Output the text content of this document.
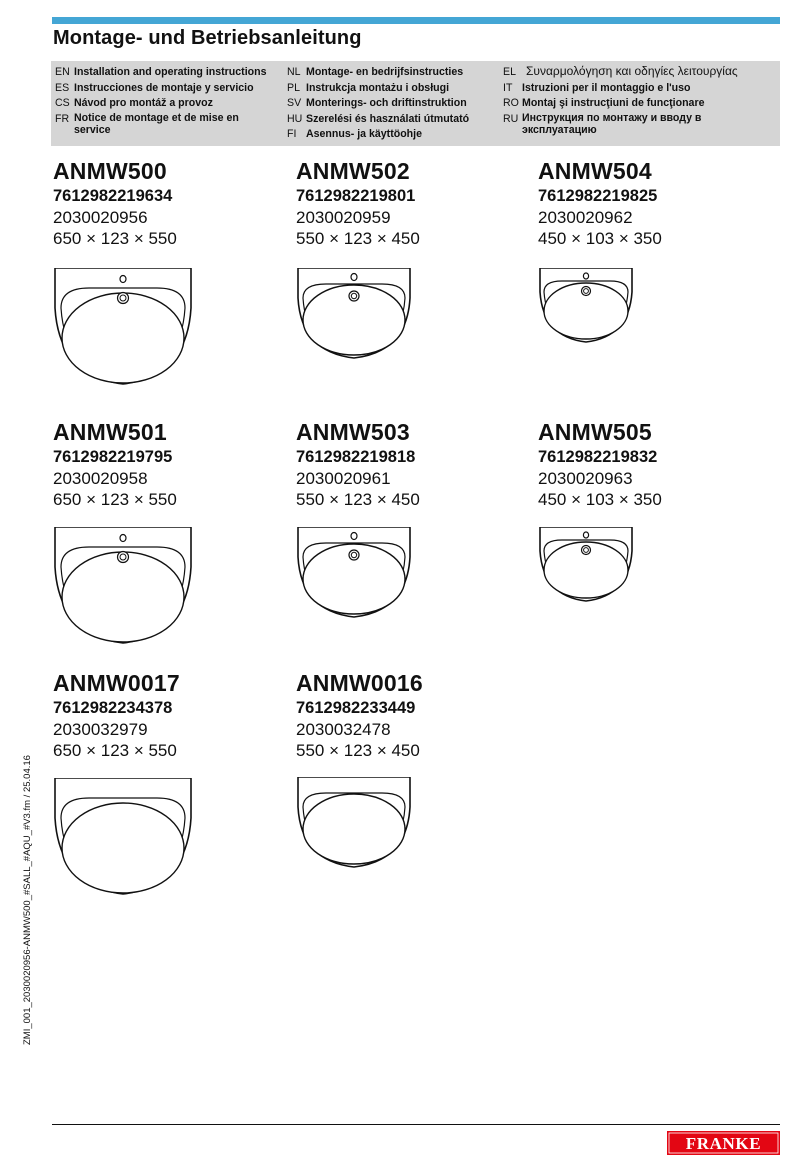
Montage- und Betriebsanleitung
EN Installation and operating instructions
ES Instrucciones de montaje y servicio
CS Návod pro montáž a provoz
FR Notice de montage et de mise en service
NL Montage- en bedrijfsinstructies
PL Instrukcja montażu i obsługi
SV Monterings- och driftinstruktion
HU Szerelési és használati útmutató
FI Asennus- ja käyttöohje
EL Συναρμολόγηση και οδηγίες λειτουργίας
IT Istruzioni per il montaggio e l'uso
RO Montaj şi instrucţiuni de funcţionare
RU Инструкция по монтажу и вводу в эксплуатацию
ANMW500
7612982219634
2030020956
650 × 123 × 550
ANMW502
7612982219801
2030020959
550 × 123 × 450
ANMW504
7612982219825
2030020962
450 × 103 × 350
ANMW501
7612982219795
2030020958
650 × 123 × 550
ANMW503
7612982219818
2030020961
550 × 123 × 450
ANMW505
7612982219832
2030020963
450 × 103 × 350
ANMW0017
7612982234378
2030032979
650 × 123 × 550
ANMW0016
7612982233449
2030032478
550 × 123 × 450
ZMI_001_2030020956-ANMW500_#SALL_#AQU_#V3.fm / 25.04.16
FRANKE
